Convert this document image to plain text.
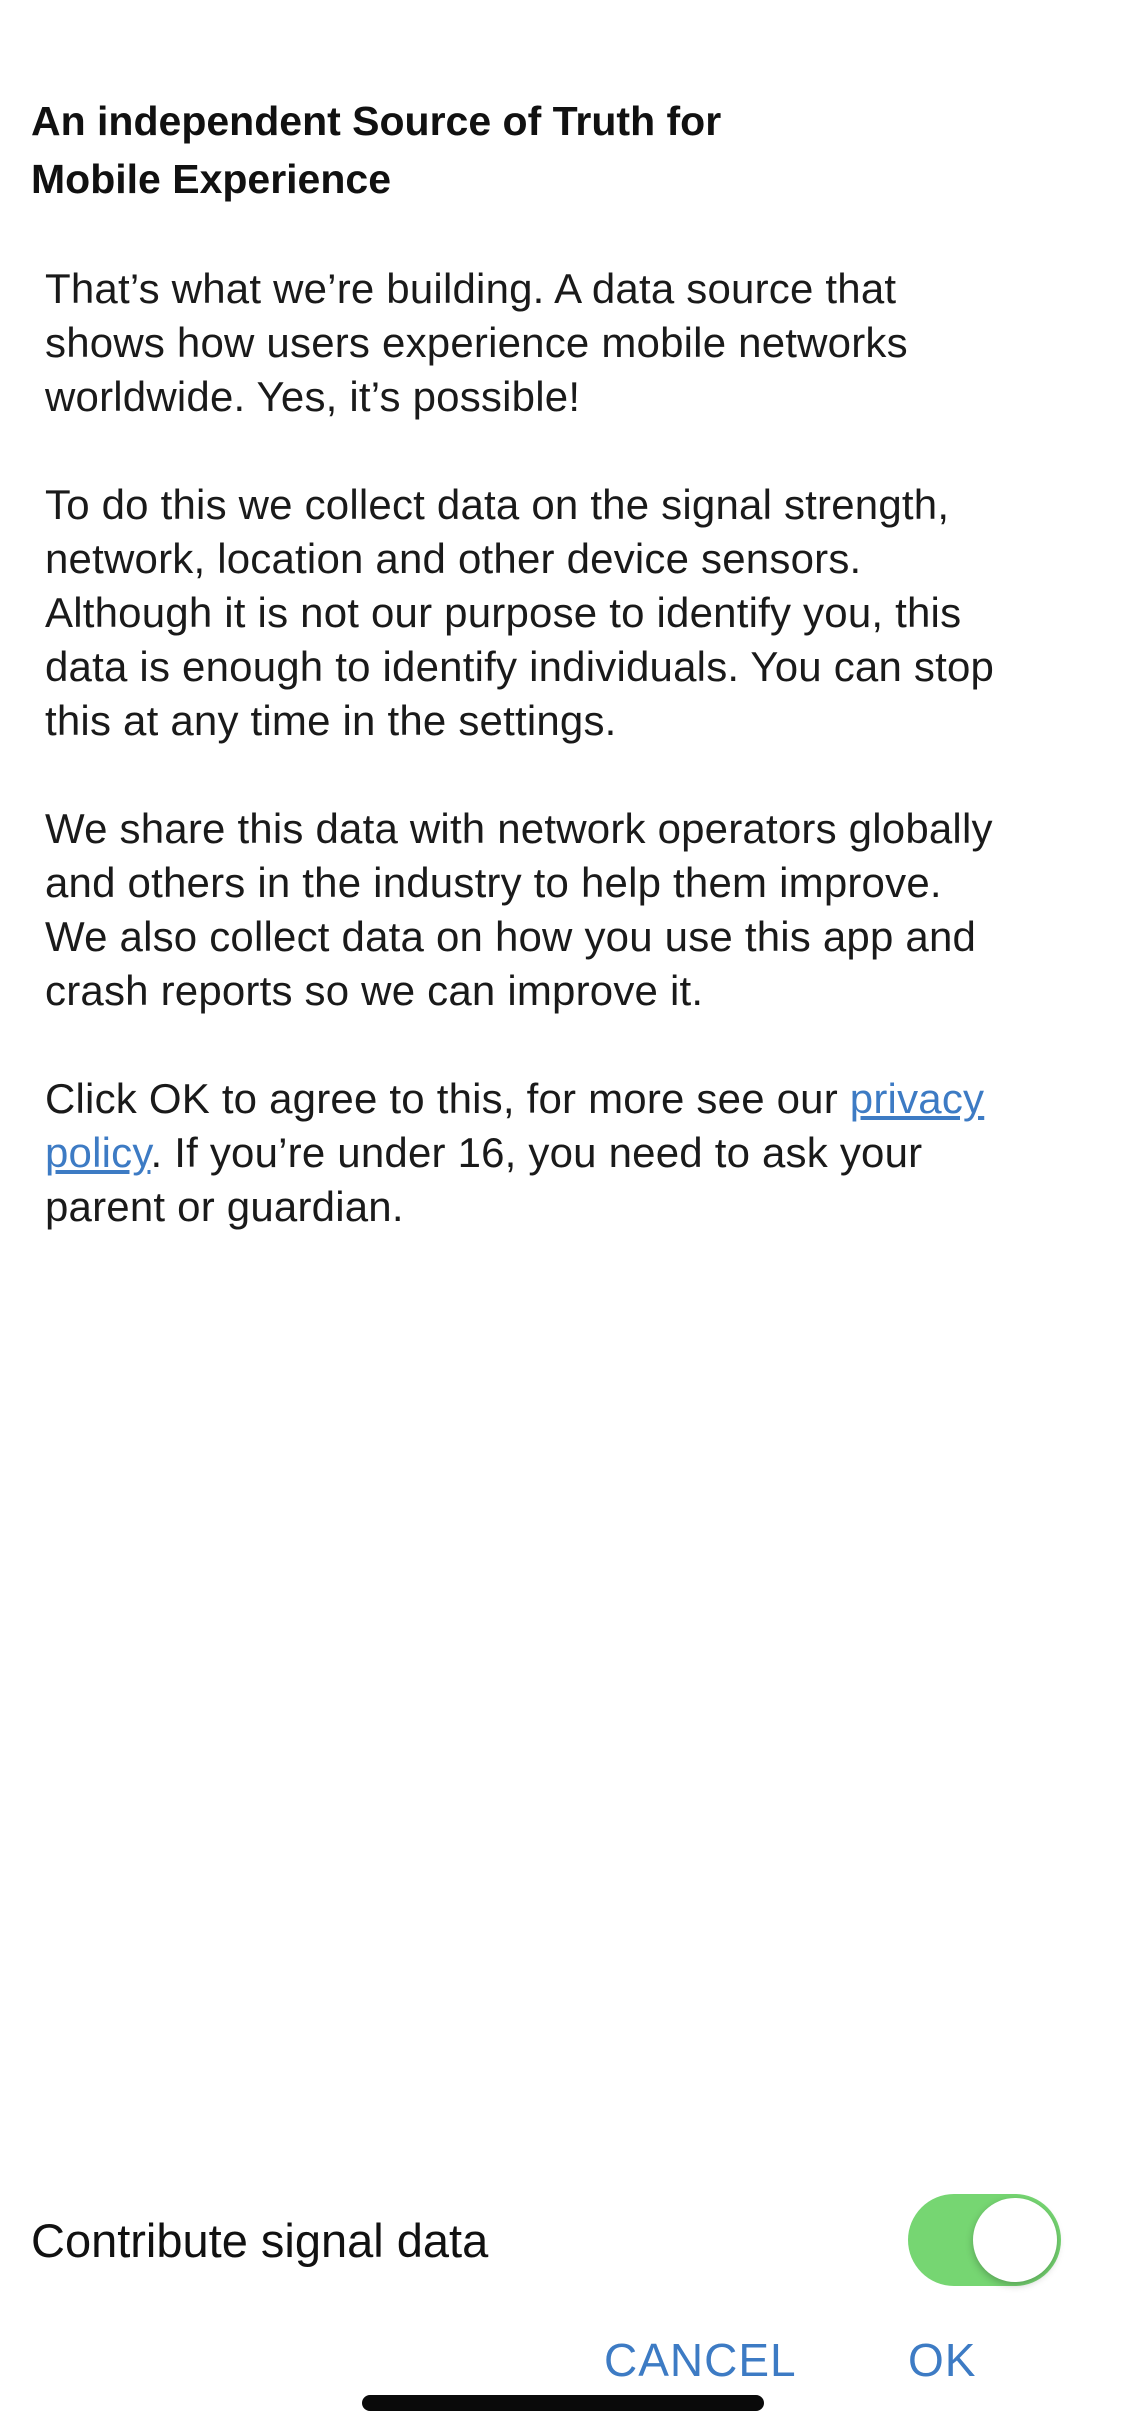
An independent Source of Truth for
Mobile Experience

That’s what we’re building. A data source that
shows how users experience mobile networks
worldwide. Yes, it’s possible!

To do this we collect data on the signal strength,
network, location and other device sensors.
Although it is not our purpose to identify you, this
data is enough to identify individuals. You can stop
this at any time in the settings.

We share this data with network operators globally
and others in the industry to help them improve.
We also collect data on how you use this app and
crash reports so we can improve it.

Click OK to agree to this, for more see our privacy
policy. If you’re under 16, you need to ask your
parent or guardian.

Contribute signal data
CANCEL OK
